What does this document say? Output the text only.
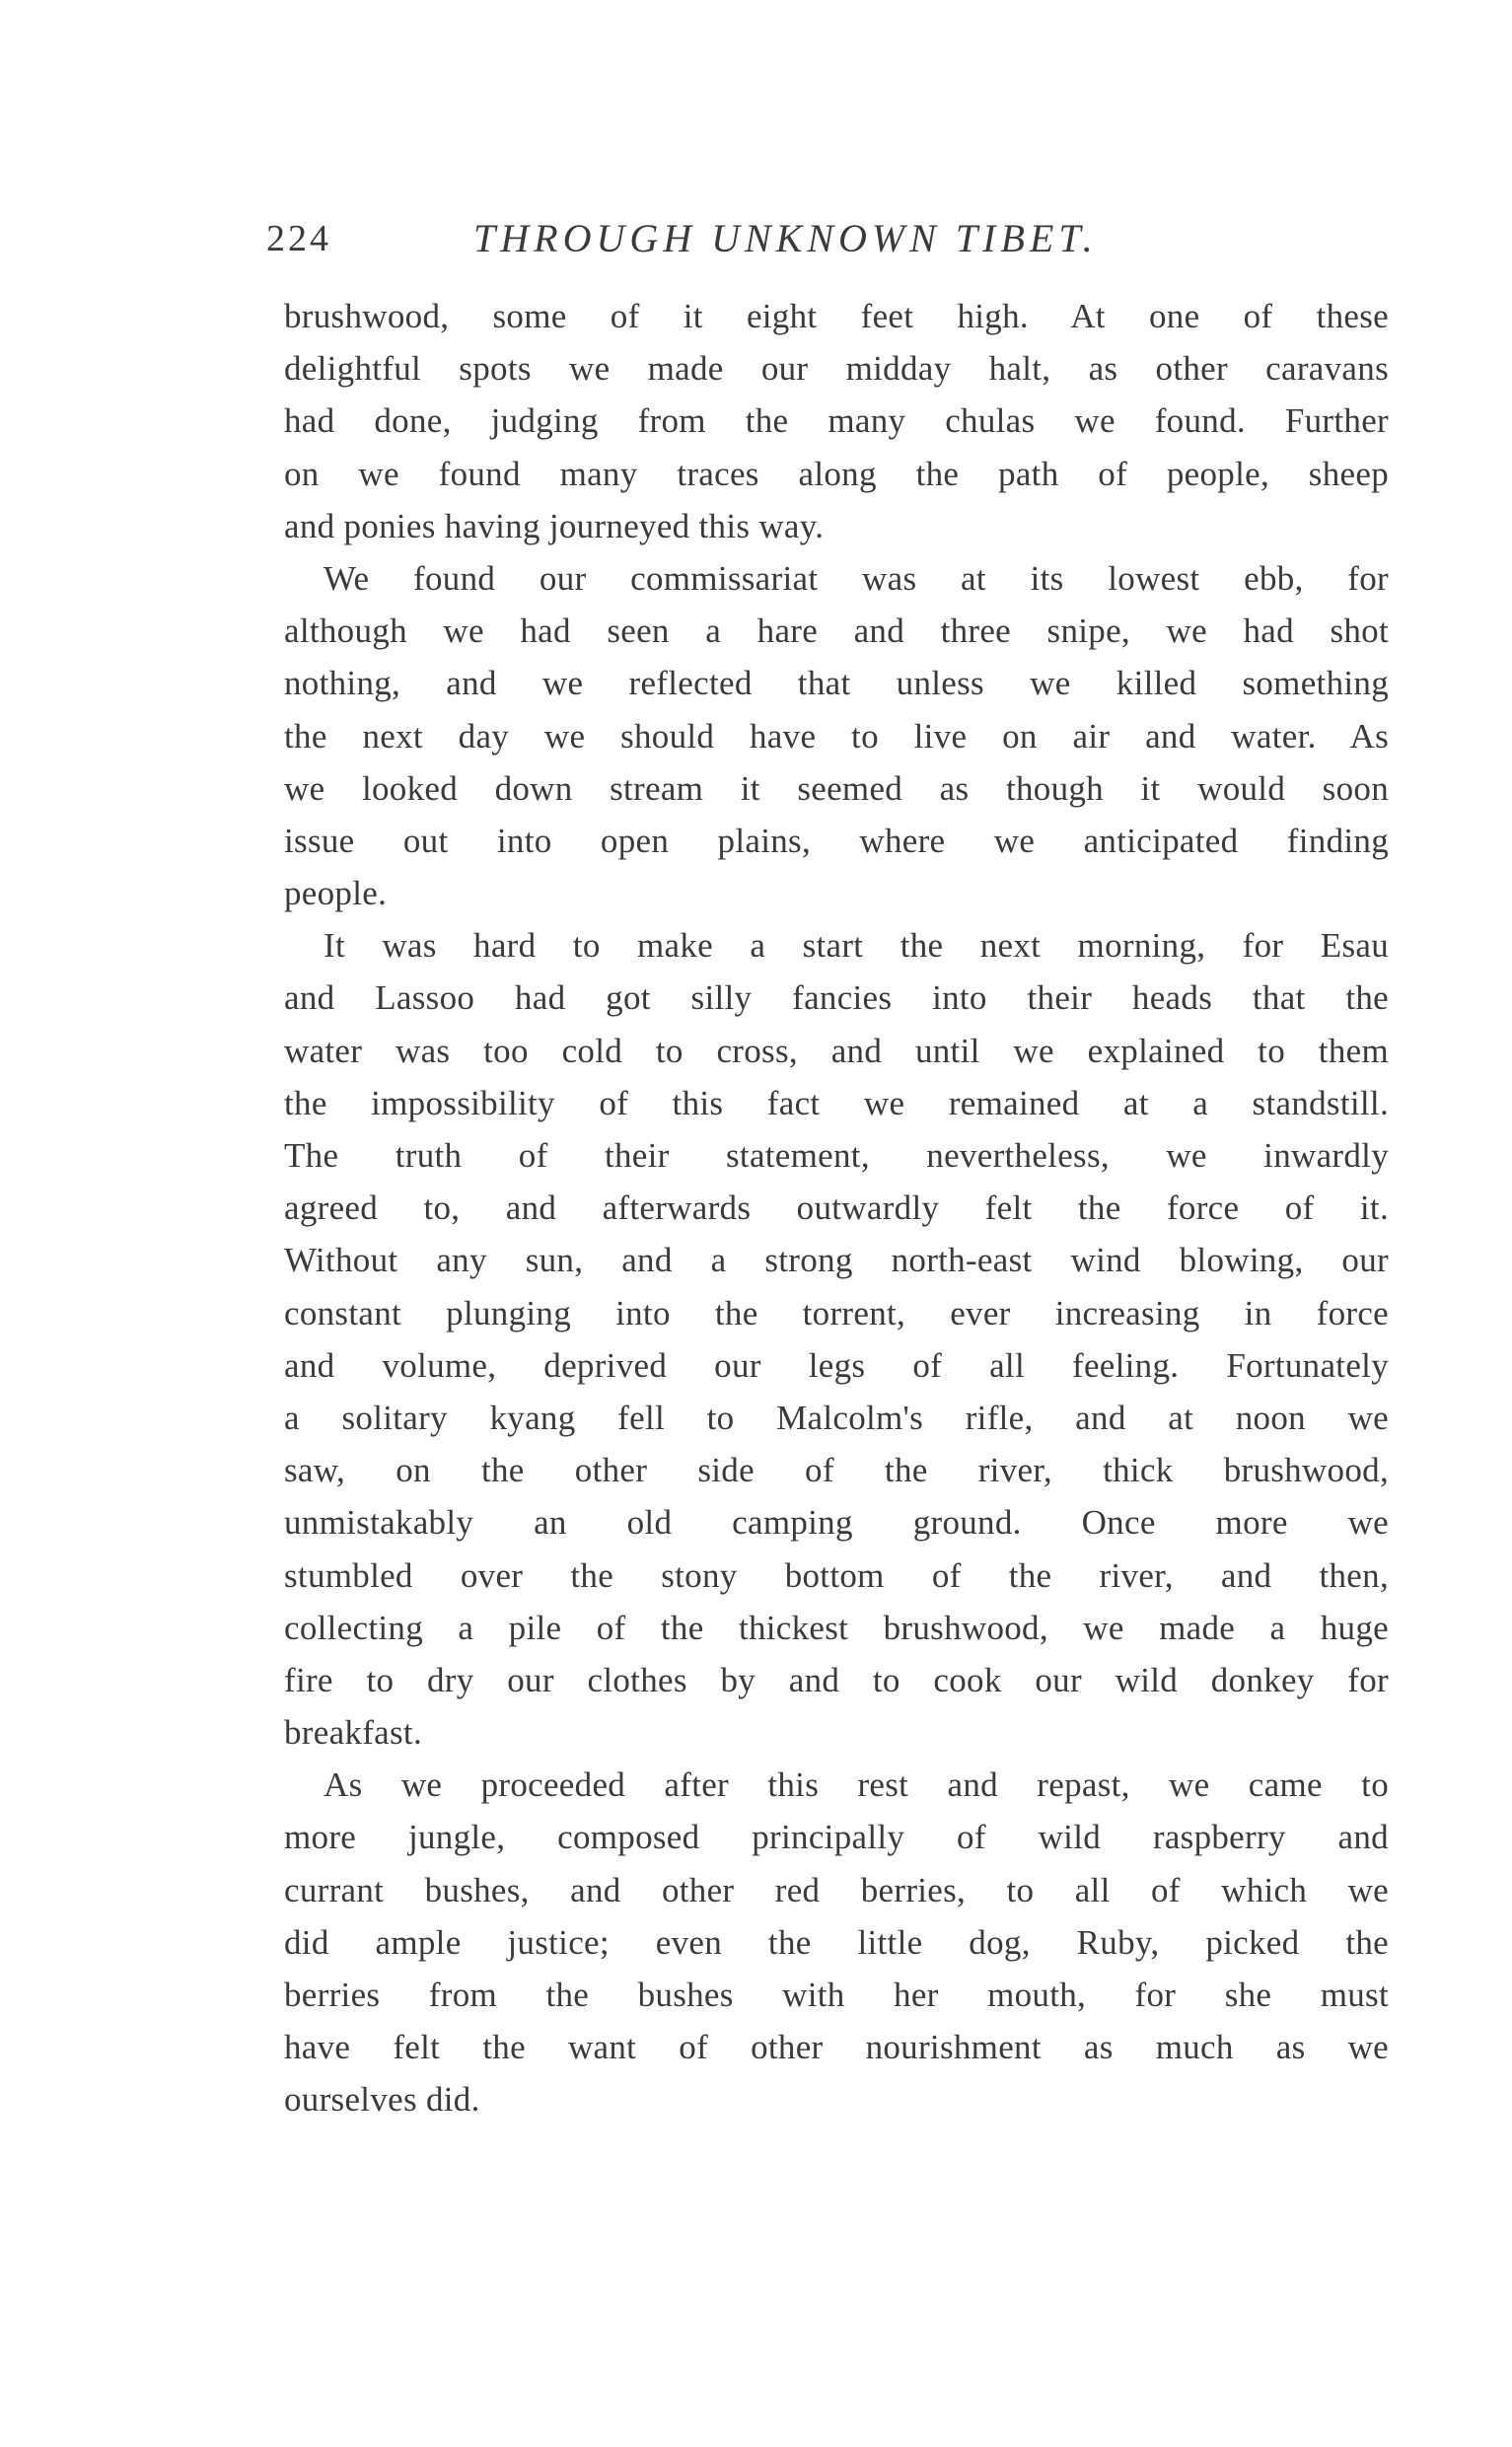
224	THROUGH UNKNOWN TIBET.
brushwood, some of it eight feet high. At one of these
delightful spots we made our midday halt, as other caravans
had done, judging from the many chulas we found. Further
on we found many traces along the path of people, sheep
and ponies having journeyed this way.
We found our commissariat was at its lowest ebb, for
although we had seen a hare and three snipe, we had shot
nothing, and we reflected that unless we killed something
the next day we should have to live on air and water. As
we looked down stream it seemed as though it would soon
issue out into open plains, where we anticipated finding
people.
It was hard to make a start the next morning, for Esau
and Lassoo had got silly fancies into their heads that the
water was too cold to cross, and until we explained to them
the impossibility of this fact we remained at a standstill.
The truth of their statement, nevertheless, we inwardly
agreed to, and afterwards outwardly felt the force of it.
Without any sun, and a strong north-east wind blowing, our
constant plunging into the torrent, ever increasing in force
and volume, deprived our legs of all feeling. Fortunately
a solitary kyang fell to Malcolm's rifle, and at noon we
saw, on the other side of the river, thick brushwood,
unmistakably an old camping ground. Once more we
stumbled over the stony bottom of the river, and then,
collecting a pile of the thickest brushwood, we made a huge
fire to dry our clothes by and to cook our wild donkey for
breakfast.
As we proceeded after this rest and repast, we came to
more jungle, composed principally of wild raspberry and
currant bushes, and other red berries, to all of which we
did ample justice; even the little dog, Ruby, picked the
berries from the bushes with her mouth, for she must
have felt the want of other nourishment as much as we
ourselves did.
